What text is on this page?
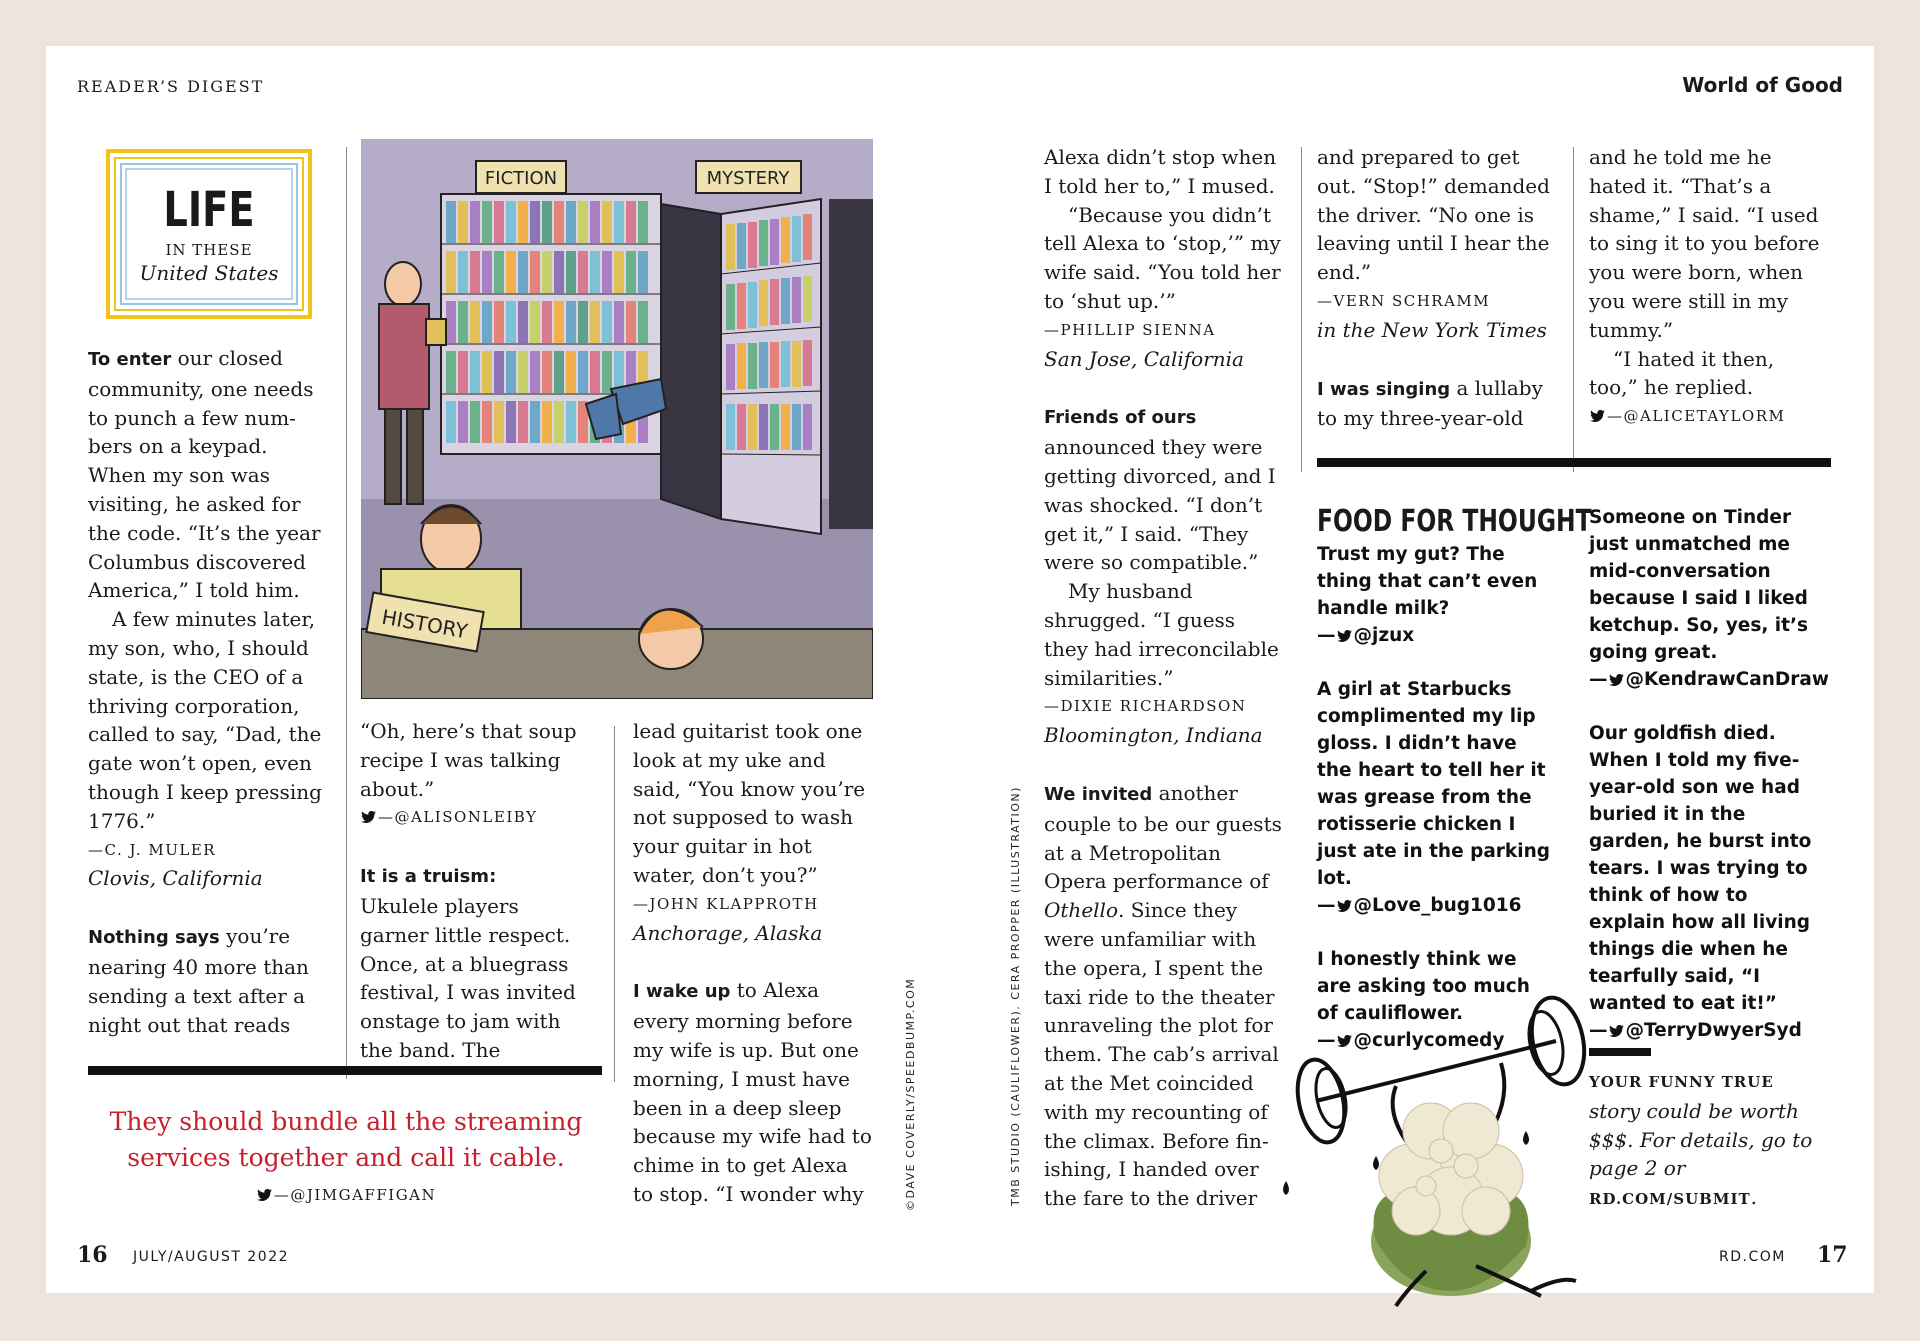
READER’S DIGEST	World of Good
LIFE
IN THESE
United States

To enter our closed community, one needs to punch a few numbers on a keypad. When my son was visiting, he asked for the code. “It’s the year Columbus discovered America,” I told him.

A few minutes later, my son, who, I should state, is the CEO of a thriving corporation, called to say, “Dad, the gate won’t open, even though I keep pressing 1776.”

—C. J. MULER

Clovis, California

Nothing says you’re nearing 40 more than sending a text after a night out that reads

FICTION	MYSTERY
HISTORY

“Oh, here’s that soup recipe I was talking about.”

—@ALISONLEIBY

It is a truism: Ukulele players garner little respect. Once, at a bluegrass festival, I was invited onstage to jam with the band. The

lead guitarist took one look at my uke and said, “You know you’re not supposed to wash your guitar in hot water, don’t you?”

—JOHN KLAPPROTH

Anchorage, Alaska

I wake up to Alexa every morning before my wife is up. But one morning, I must have been in a deep sleep because my wife had to chime in to get Alexa to stop. “I wonder why

They should bundle all the streaming services together and call it cable.
—@JIMGAFFIGAN	©DAVE COVERLY/SPEEDBUMP.COM	TMB STUDIO (CAULIFLOWER). CERA PROPPER (ILLUSTRATION)

Alexa didn’t stop when I told her to,” I mused.

“Because you didn’t tell Alexa to ‘stop,’” my wife said. “You told her to ‘shut up.’”

—PHILLIP SIENNA

San Jose, California

Friends of ours announced they were getting divorced, and I was shocked. “I don’t get it,” I said. “They were so compatible.”

My husband shrugged. “I guess they had irreconcilable similarities.”

—DIXIE RICHARDSON

Bloomington, Indiana

We invited another couple to be our guests at a Metropolitan Opera performance of Othello. Since they were unfamiliar with the opera, I spent the taxi ride to the theater unraveling the plot for them. The cab’s arrival at the Met coincided with my recounting of the climax. Before finishing, I handed over the fare to the driver

and prepared to get out. “Stop!” demanded the driver. “No one is leaving until I hear the end.”

—VERN SCHRAMM

in the New York Times

I was singing a lullaby to my three-year-old

and he told me he hated it. “That’s a shame,” I said. “I used to sing it to you before you were born, when you were still in my tummy.”

“I hated it then, too,” he replied.

—@ALICETAYLORM

FOOD FOR THOUGHT
Trust my gut? The thing that can’t even handle milk?
— @jzux
A girl at Starbucks complimented my lip gloss. I didn’t have the heart to tell her it was grease from the rotisserie chicken I just ate in the parking lot.
— @Love_bug1016
I honestly think we are asking too much of cauliflower.
— @curlycomedy
Someone on Tinder just unmatched me mid-conversation because I said I liked ketchup. So, yes, it’s going great.
— @KendrawCanDraw
Our goldfish died. When I told my five-year-old son we had buried it in the garden, he burst into tears. I was trying to think of how to explain how all living things die when he tearfully said, “I wanted to eat it!”
— @TerryDwyerSyd
YOUR FUNNY TRUE story could be worth $$$. For details, go to page 2 or RD.COM/SUBMIT.
16 JULY/AUGUST 2022	RD.COM 17
